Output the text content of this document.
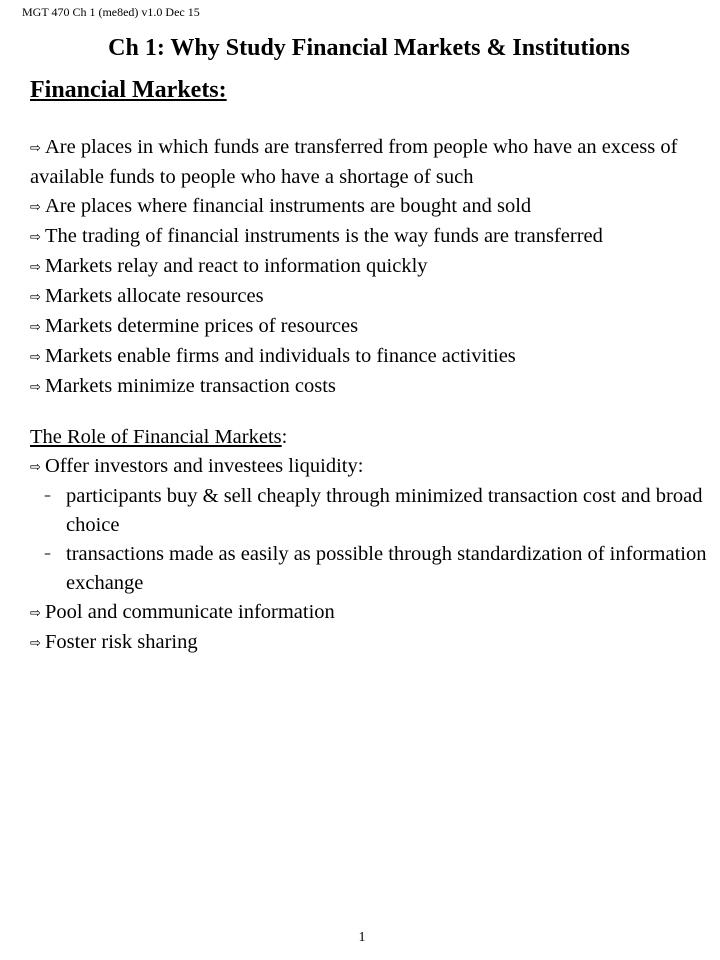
MGT 470 Ch 1 (me8ed) v1.0 Dec 15
Ch 1: Why Study Financial Markets & Institutions
Financial Markets:

⇨ Are places in which funds are transferred from people who have an excess of available funds to people who have a shortage of such

⇨ Are places where financial instruments are bought and sold

⇨ The trading of financial instruments is the way funds are transferred

⇨ Markets relay and react to information quickly

⇨ Markets allocate resources

⇨ Markets determine prices of resources

⇨ Markets enable firms and individuals to finance activities

⇨ Markets minimize transaction costs

The Role of Financial Markets:

⇨ Offer investors and investees liquidity:

– participants buy & sell cheaply through minimized transaction cost and broad choice

– transactions made as easily as possible through standardization of information exchange

⇨ Pool and communicate information

⇨ Foster risk sharing

1
